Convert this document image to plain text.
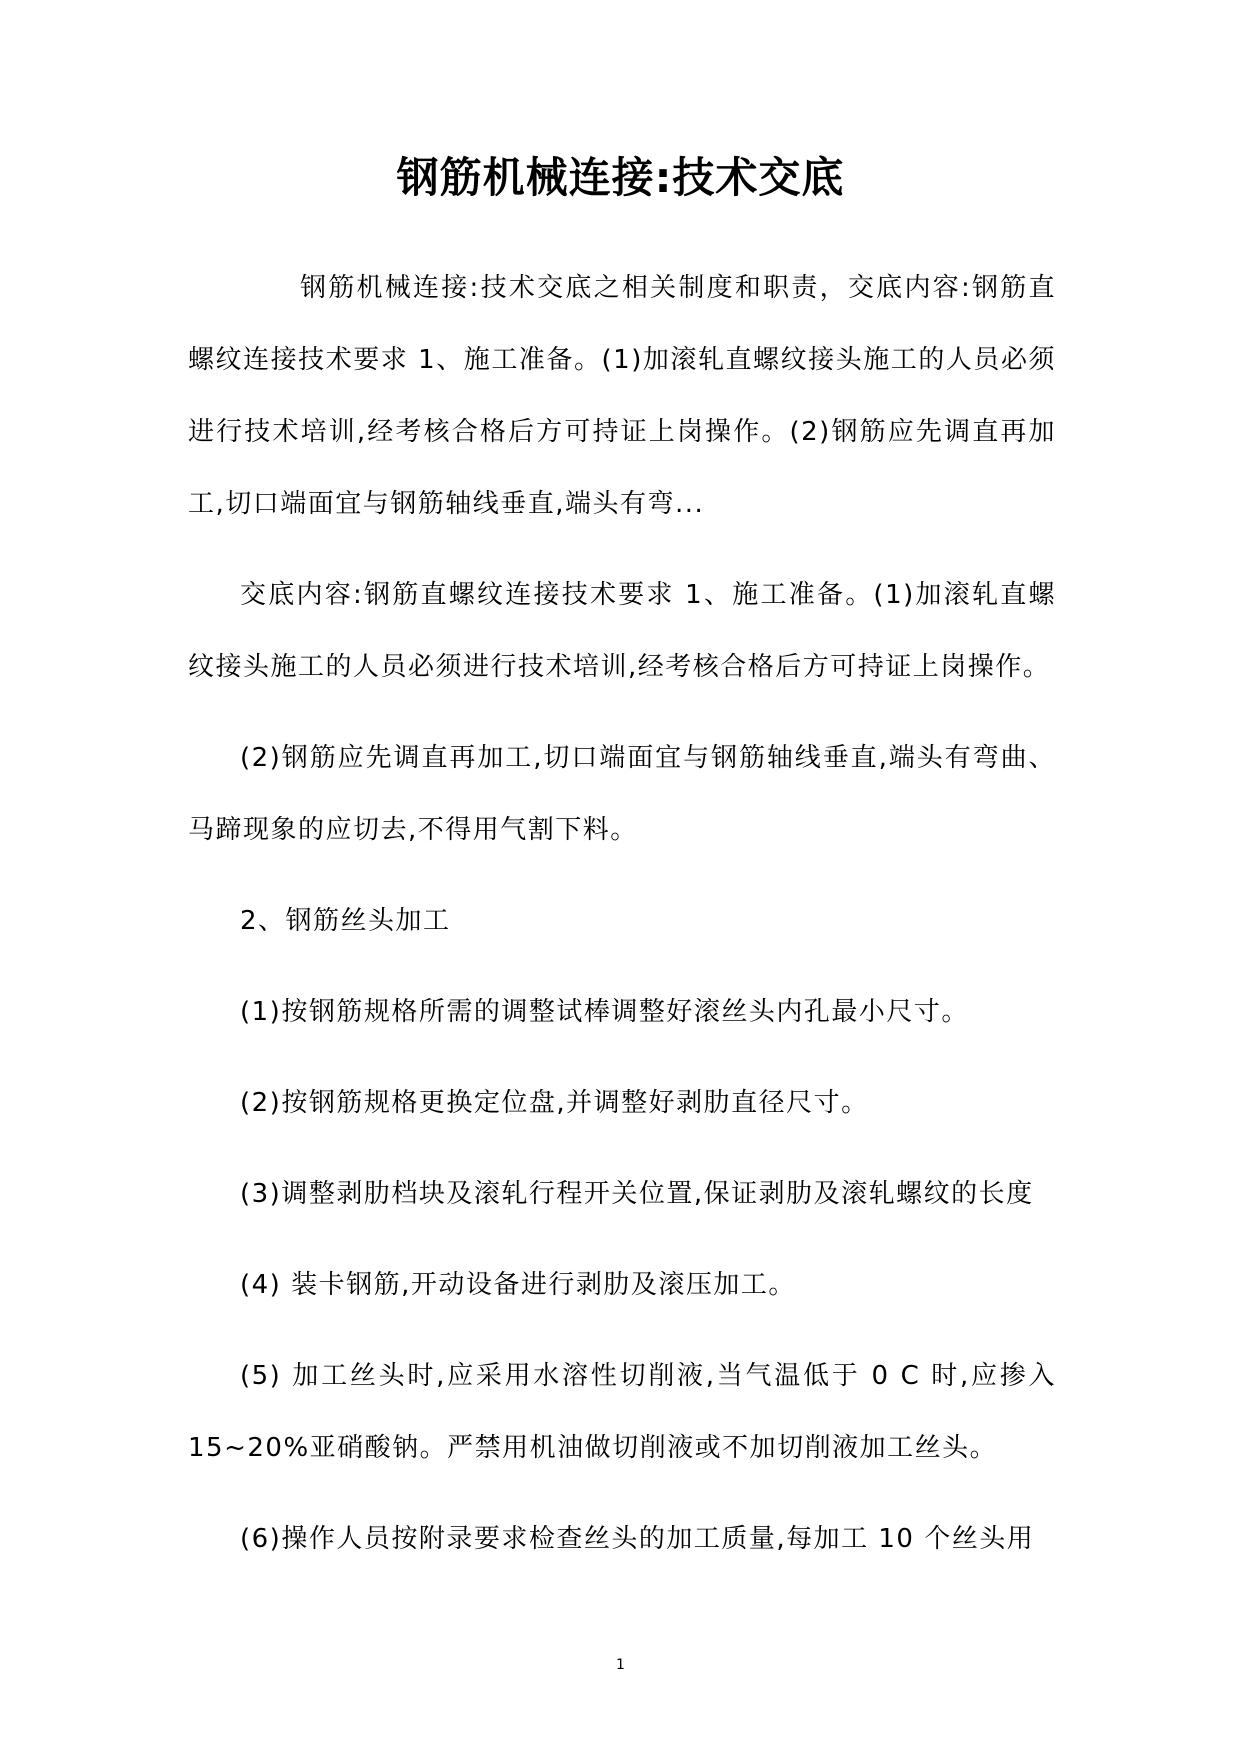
钢筋机械连接:技术交底

钢筋机械连接:技术交底之相关制度和职责，交底内容:钢筋直螺纹连接技术要求 1、施工准备。(1)加滚轧直螺纹接头施工的人员必须进行技术培训,经考核合格后方可持证上岗操作。(2)钢筋应先调直再加工,切口端面宜与钢筋轴线垂直,端头有弯...

交底内容:钢筋直螺纹连接技术要求 1、施工准备。(1)加滚轧直螺纹接头施工的人员必须进行技术培训,经考核合格后方可持证上岗操作。

(2)钢筋应先调直再加工,切口端面宜与钢筋轴线垂直,端头有弯曲、马蹄现象的应切去,不得用气割下料。

2、钢筋丝头加工

(1)按钢筋规格所需的调整试棒调整好滚丝头内孔最小尺寸。

(2)按钢筋规格更换定位盘,并调整好剥肋直径尺寸。

(3)调整剥肋档块及滚轧行程开关位置,保证剥肋及滚轧螺纹的长度

(4) 装卡钢筋,开动设备进行剥肋及滚压加工。

(5) 加工丝头时,应采用水溶性切削液,当气温低于 0 C 时,应掺入 15~20%亚硝酸钠。严禁用机油做切削液或不加切削液加工丝头。

(6)操作人员按附录要求检查丝头的加工质量,每加工 10 个丝头用

1
